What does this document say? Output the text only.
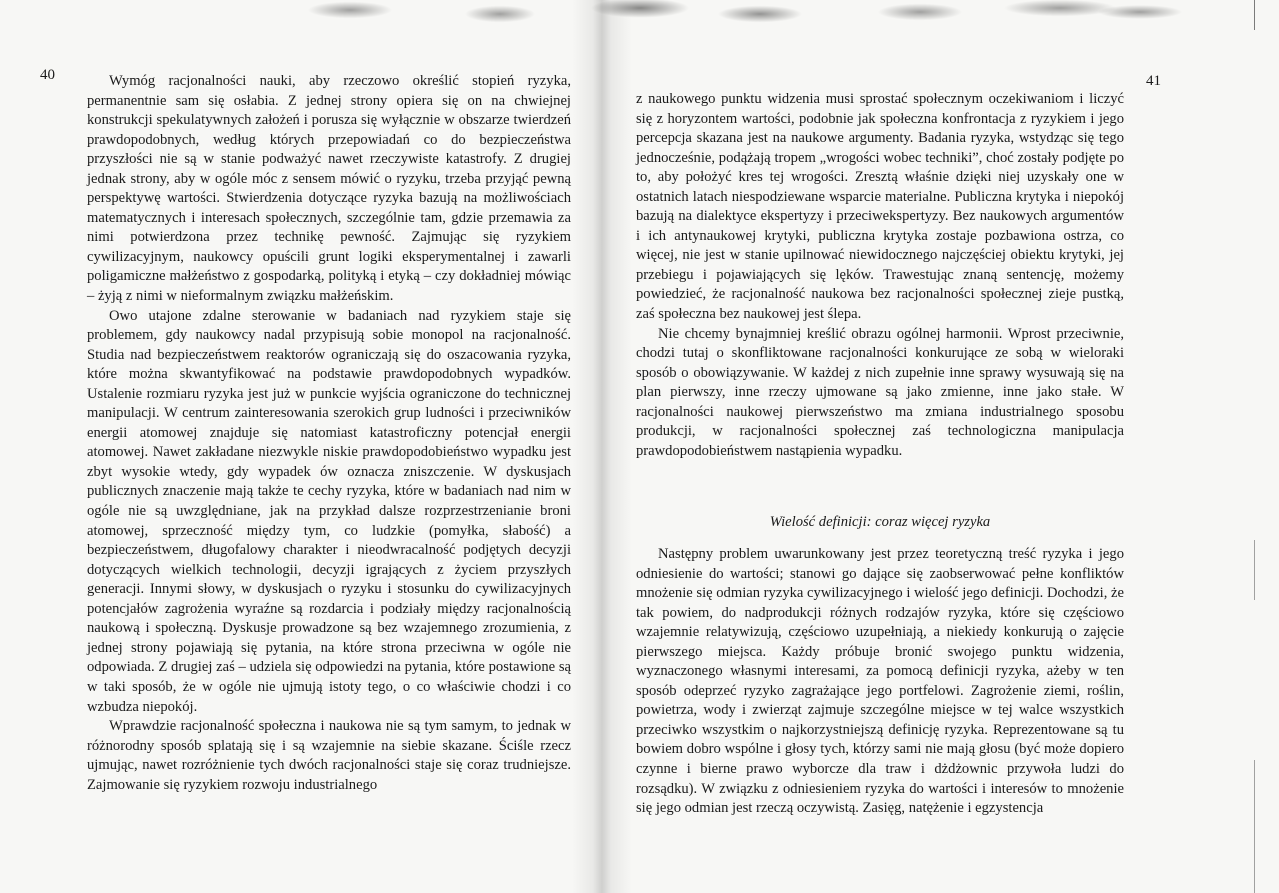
40	41

Wymóg racjonalności nauki, aby rzeczowo określić stopień ryzyka, permanentnie sam się osłabia. Z jednej strony opiera się on na chwiejnej konstrukcji spekulatywnych założeń i porusza się wyłącznie w obszarze twierdzeń prawdopodobnych, według których przepowiadań co do bezpieczeństwa przyszłości nie są w stanie podważyć nawet rzeczywiste katastrofy. Z drugiej jednak strony, aby w ogóle móc z sensem mówić o ryzyku, trzeba przyjąć pewną perspektywę wartości. Stwierdzenia dotyczące ryzyka bazują na możliwościach matematycznych i interesach społecznych, szczególnie tam, gdzie przemawia za nimi potwierdzona przez technikę pewność. Zajmując się ryzykiem cywilizacyjnym, naukowcy opuścili grunt logiki eksperymentalnej i zawarli poligamiczne małżeństwo z gospodarką, polityką i etyką – czy dokładniej mówiąc – żyją z nimi w nieformalnym związku małżeńskim.

Owo utajone zdalne sterowanie w badaniach nad ryzykiem staje się problemem, gdy naukowcy nadal przypisują sobie monopol na racjonalność. Studia nad bezpieczeństwem reaktorów ograniczają się do oszacowania ryzyka, które można skwantyfikować na podstawie prawdopodobnych wypadków. Ustalenie rozmiaru ryzyka jest już w punkcie wyjścia ograniczone do technicznej manipulacji. W centrum zainteresowania szerokich grup ludności i przeciwników energii atomowej znajduje się natomiast katastroficzny potencjał energii atomowej. Nawet zakładane niezwykle niskie prawdopodobieństwo wypadku jest zbyt wysokie wtedy, gdy wypadek ów oznacza zniszczenie. W dyskusjach publicznych znaczenie mają także te cechy ryzyka, które w badaniach nad nim w ogóle nie są uwzględniane, jak na przykład dalsze rozprzestrzenianie broni atomowej, sprzeczność między tym, co ludzkie (pomyłka, słabość) a bezpieczeństwem, długofalowy charakter i nieodwracalność podjętych decyzji dotyczących wielkich technologii, decyzji igrających z życiem przyszłych generacji. Innymi słowy, w dyskusjach o ryzyku i stosunku do cywilizacyjnych potencjałów zagrożenia wyraźne są rozdarcia i podziały między racjonalnością naukową i społeczną. Dyskusje prowadzone są bez wzajemnego zrozumienia, z jednej strony pojawiają się pytania, na które strona przeciwna w ogóle nie odpowiada. Z drugiej zaś – udziela się odpowiedzi na pytania, które postawione są w taki sposób, że w ogóle nie ujmują istoty tego, o co właściwie chodzi i co wzbudza niepokój.

Wprawdzie racjonalność społeczna i naukowa nie są tym samym, to jednak w różnorodny sposób splatają się i są wzajemnie na siebie skazane. Ściśle rzecz ujmując, nawet rozróżnienie tych dwóch racjonalności staje się coraz trudniejsze. Zajmowanie się ryzykiem rozwoju industrialnego

z naukowego punktu widzenia musi sprostać społecznym oczekiwaniom i liczyć się z horyzontem wartości, podobnie jak społeczna konfrontacja z ryzykiem i jego percepcja skazana jest na naukowe argumenty. Badania ryzyka, wstydząc się tego jednocześnie, podążają tropem „wrogości wobec techniki”, choć zostały podjęte po to, aby położyć kres tej wrogości. Zresztą właśnie dzięki niej uzyskały one w ostatnich latach niespodziewane wsparcie materialne. Publiczna krytyka i niepokój bazują na dialektyce ekspertyzy i przeciwekspertyzy. Bez naukowych argumentów i ich antynaukowej krytyki, publiczna krytyka zostaje pozbawiona ostrza, co więcej, nie jest w stanie upilnować niewidocznego najczęściej obiektu krytyki, jej przebiegu i pojawiających się lęków. Trawestując znaną sentencję, możemy powiedzieć, że racjonalność naukowa bez racjonalności społecznej zieje pustką, zaś społeczna bez naukowej jest ślepa.

Nie chcemy bynajmniej kreślić obrazu ogólnej harmonii. Wprost przeciwnie, chodzi tutaj o skonfliktowane racjonalności konkurujące ze sobą w wieloraki sposób o obowiązywanie. W każdej z nich zupełnie inne sprawy wysuwają się na plan pierwszy, inne rzeczy ujmowane są jako zmienne, inne jako stałe. W racjonalności naukowej pierwszeństwo ma zmiana industrialnego sposobu produkcji, w racjonalności społecznej zaś technologiczna manipulacja prawdopodobieństwem nastąpienia wypadku.

Wielość definicji: coraz więcej ryzyka

Następny problem uwarunkowany jest przez teoretyczną treść ryzyka i jego odniesienie do wartości; stanowi go dające się zaobserwować pełne konfliktów mnożenie się odmian ryzyka cywilizacyjnego i wielość jego definicji. Dochodzi, że tak powiem, do nadprodukcji różnych rodzajów ryzyka, które się częściowo wzajemnie relatywizują, częściowo uzupełniają, a niekiedy konkurują o zajęcie pierwszego miejsca. Każdy próbuje bronić swojego punktu widzenia, wyznaczonego własnymi interesami, za pomocą definicji ryzyka, ażeby w ten sposób odeprzeć ryzyko zagrażające jego portfelowi. Zagrożenie ziemi, roślin, powietrza, wody i zwierząt zajmuje szczególne miejsce w tej walce wszystkich przeciwko wszystkim o najkorzystniejszą definicję ryzyka. Reprezentowane są tu bowiem dobro wspólne i głosy tych, którzy sami nie mają głosu (być może dopiero czynne i bierne prawo wyborcze dla traw i dżdżownic przywoła ludzi do rozsądku). W związku z odniesieniem ryzyka do wartości i interesów to mnożenie się jego odmian jest rzeczą oczywistą. Zasięg, natężenie i egzystencja
